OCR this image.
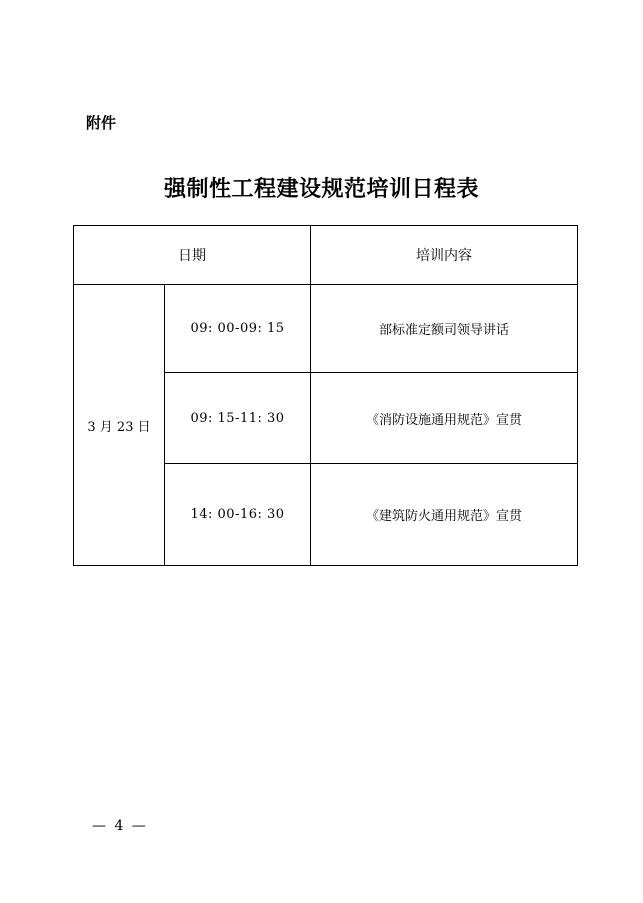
附件
强制性工程建设规范培训日程表
日期		培训内容
3 月 23 日	09: 00-09: 15	部标准定额司领导讲话
	09: 15-11: 30	《消防设施通用规范》宣贯
	14: 00-16: 30	《建筑防火通用规范》宣贯
— 4 —
